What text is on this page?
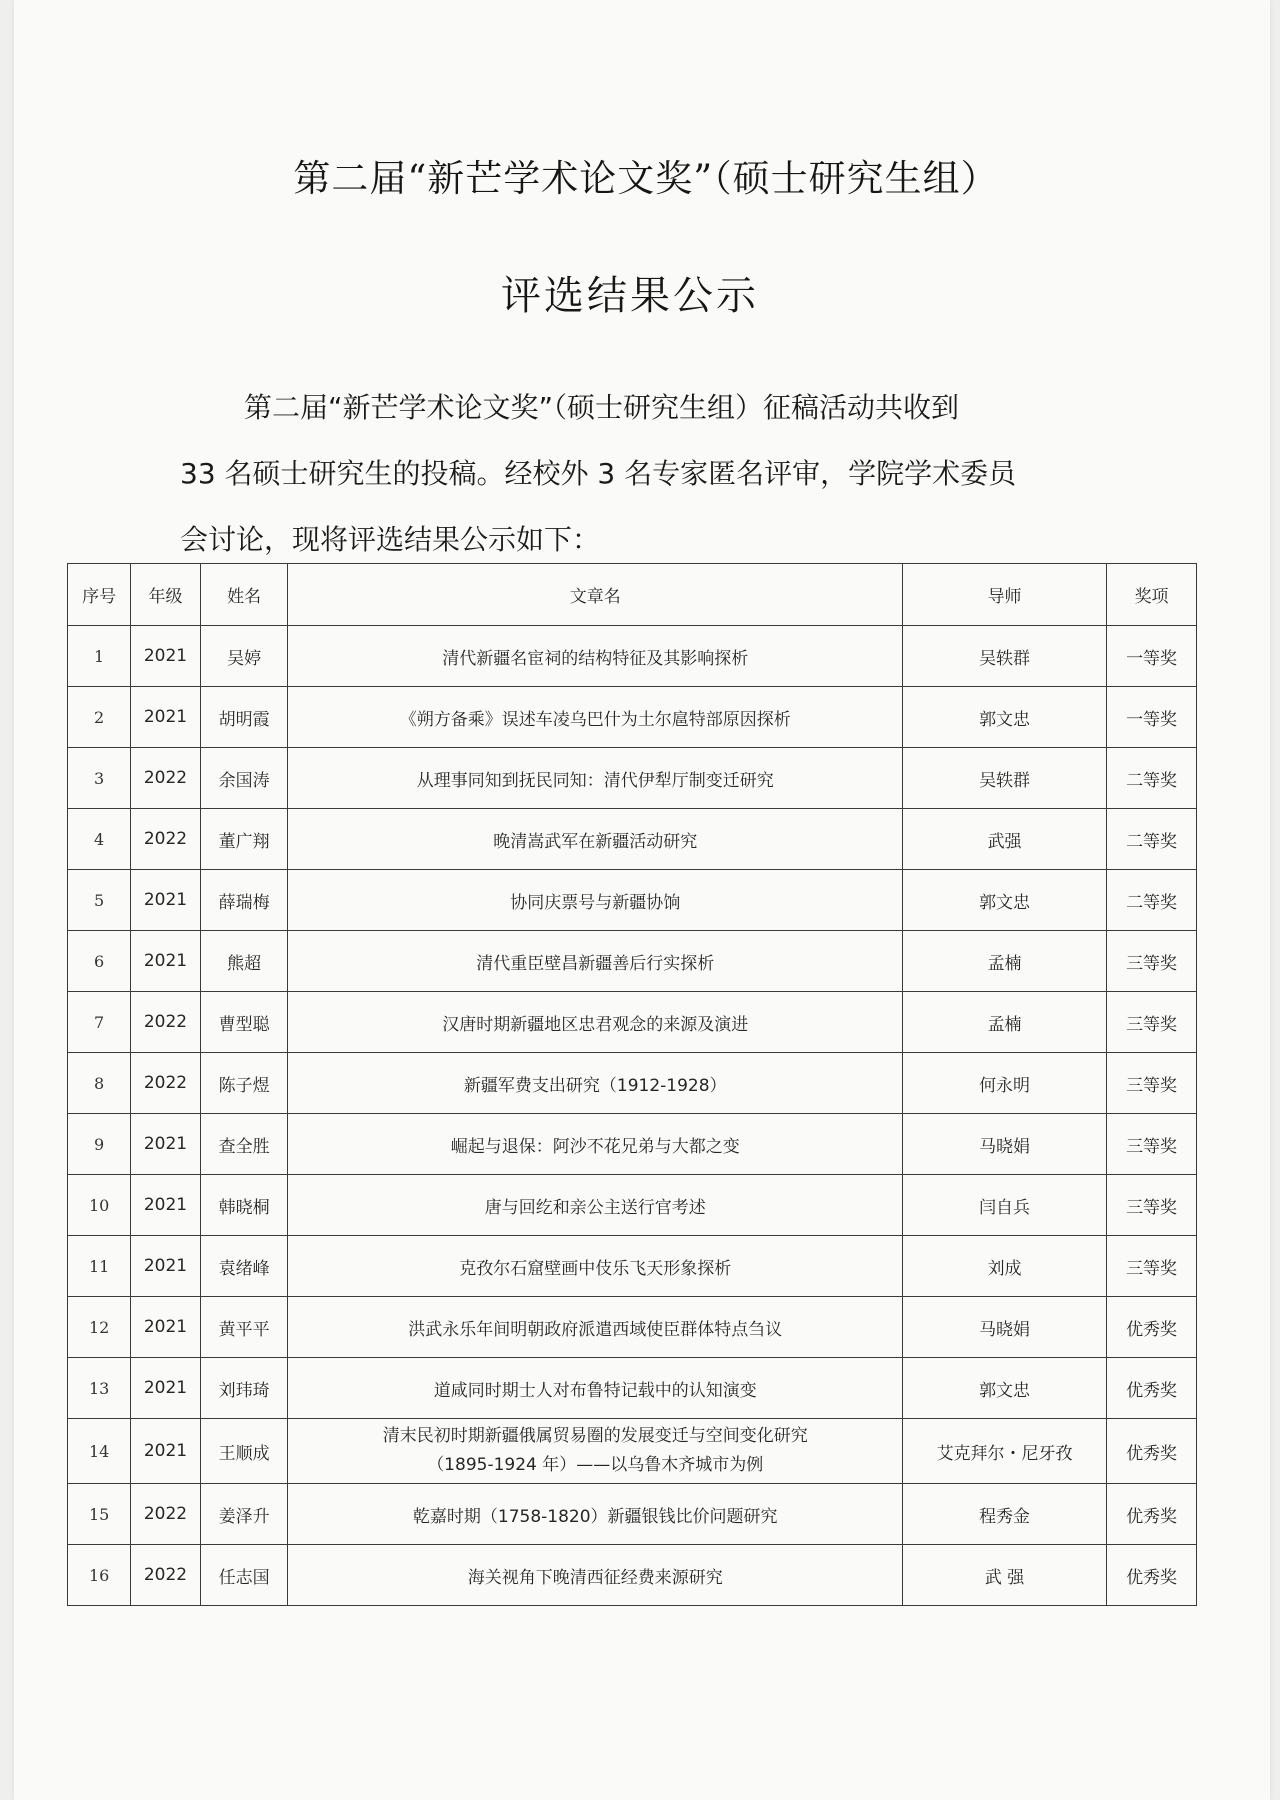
第二届“新芒学术论文奖”（硕士研究生组）
评选结果公示
第二届“新芒学术论文奖”（硕士研究生组）征稿活动共收到
33 名硕士研究生的投稿。经校外 3 名专家匿名评审，学院学术委员
会讨论，现将评选结果公示如下：
序号	年级	姓名	文章名	导师	奖项
1	2021	吴婷	清代新疆名宦祠的结构特征及其影响探析	吴轶群	一等奖
2	2021	胡明霞	《朔方备乘》误述车凌乌巴什为土尔扈特部原因探析	郭文忠	一等奖
3	2022	余国涛	从理事同知到抚民同知：清代伊犁厅制变迁研究	吴轶群	二等奖
4	2022	董广翔	晚清嵩武军在新疆活动研究	武强	二等奖
5	2021	薛瑞梅	协同庆票号与新疆协饷	郭文忠	二等奖
6	2021	熊超	清代重臣壁昌新疆善后行实探析	孟楠	三等奖
7	2022	曹型聪	汉唐时期新疆地区忠君观念的来源及演进	孟楠	三等奖
8	2022	陈子煜	新疆军费支出研究（1912-1928）	何永明	三等奖
9	2021	查全胜	崛起与退保：阿沙不花兄弟与大都之变	马晓娟	三等奖
10	2021	韩晓桐	唐与回纥和亲公主送行官考述	闫自兵	三等奖
11	2021	袁绪峰	克孜尔石窟壁画中伎乐飞天形象探析	刘成	三等奖
12	2021	黄平平	洪武永乐年间明朝政府派遣西域使臣群体特点刍议	马晓娟	优秀奖
13	2021	刘玮琦	道咸同时期士人对布鲁特记载中的认知演变	郭文忠	优秀奖
14	2021	王顺成	清末民初时期新疆俄属贸易圈的发展变迁与空间变化研究
（1895-1924 年）——以乌鲁木齐城市为例	艾克拜尔・尼牙孜	优秀奖
15	2022	姜泽升	乾嘉时期（1758-1820）新疆银钱比价问题研究	程秀金	优秀奖
16	2022	任志国	海关视角下晚清西征经费来源研究	武 强	优秀奖
